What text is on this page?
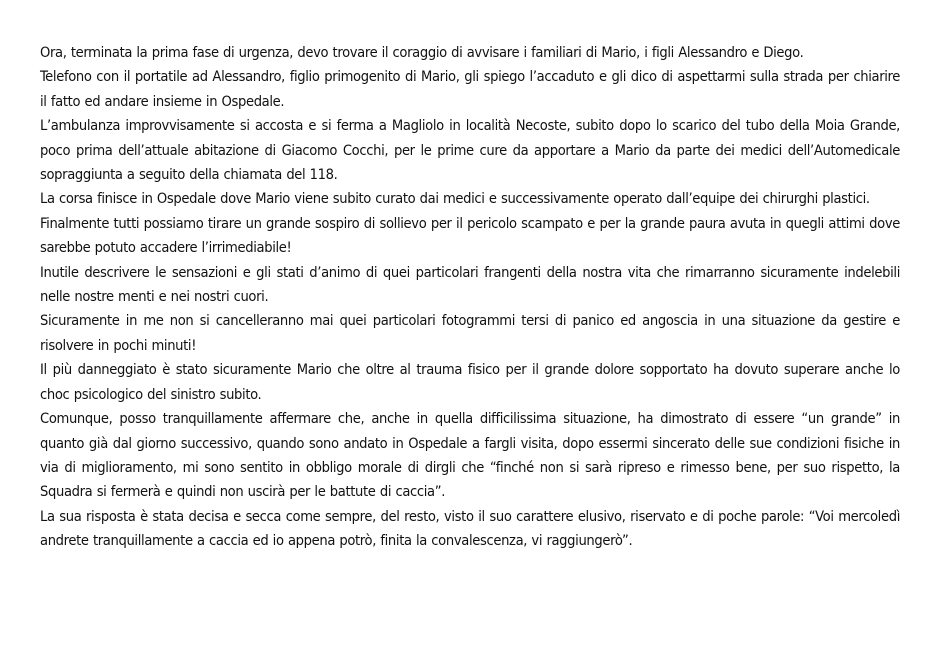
Ora, terminata la prima fase di urgenza, devo trovare il coraggio di avvisare i familiari di Mario, i figli Alessandro e Diego.

Telefono con il portatile ad Alessandro, figlio primogenito di Mario, gli spiego l’accaduto e gli dico di aspettarmi sulla strada per chiarire il fatto ed andare insieme in Ospedale.

L’ambulanza improvvisamente si accosta e si ferma a Magliolo in località Necoste, subito dopo lo scarico del tubo della Moia Grande, poco prima dell’attuale abitazione di Giacomo Cocchi, per le prime cure da apportare a Mario da parte dei medici dell’Automedicale sopraggiunta a seguito della chiamata del 118.

La corsa finisce in Ospedale dove Mario viene subito curato dai medici e successivamente operato dall’equipe dei chirurghi plastici.

Finalmente tutti possiamo tirare un grande sospiro di sollievo per il pericolo scampato e per la grande paura avuta in quegli attimi dove sarebbe potuto accadere l’irrimediabile!

Inutile descrivere le sensazioni e gli stati d’animo di quei particolari frangenti della nostra vita che rimarranno sicuramente indelebili nelle nostre menti e nei nostri cuori.

Sicuramente in me non si cancelleranno mai quei particolari fotogrammi tersi di panico ed angoscia in una situazione da gestire e risolvere in pochi minuti!

Il più danneggiato è stato sicuramente Mario che oltre al trauma fisico per il grande dolore sopportato ha dovuto superare anche lo choc psicologico del sinistro subito.

Comunque, posso tranquillamente affermare che, anche in quella difficilissima situazione, ha dimostrato di essere “un grande” in quanto già dal giorno successivo, quando sono andato in Ospedale a fargli visita, dopo essermi sincerato delle sue condizioni fisiche in via di miglioramento, mi sono sentito in obbligo morale di dirgli che “finché non si sarà ripreso e rimesso bene, per suo rispetto, la Squadra si fermerà e quindi non uscirà per le battute di caccia”.

La sua risposta è stata decisa e secca come sempre, del resto, visto il suo carattere elusivo, riservato e di poche parole: “Voi mercoledì andrete tranquillamente a caccia ed io appena potrò, finita la convalescenza, vi raggiungerò”.
